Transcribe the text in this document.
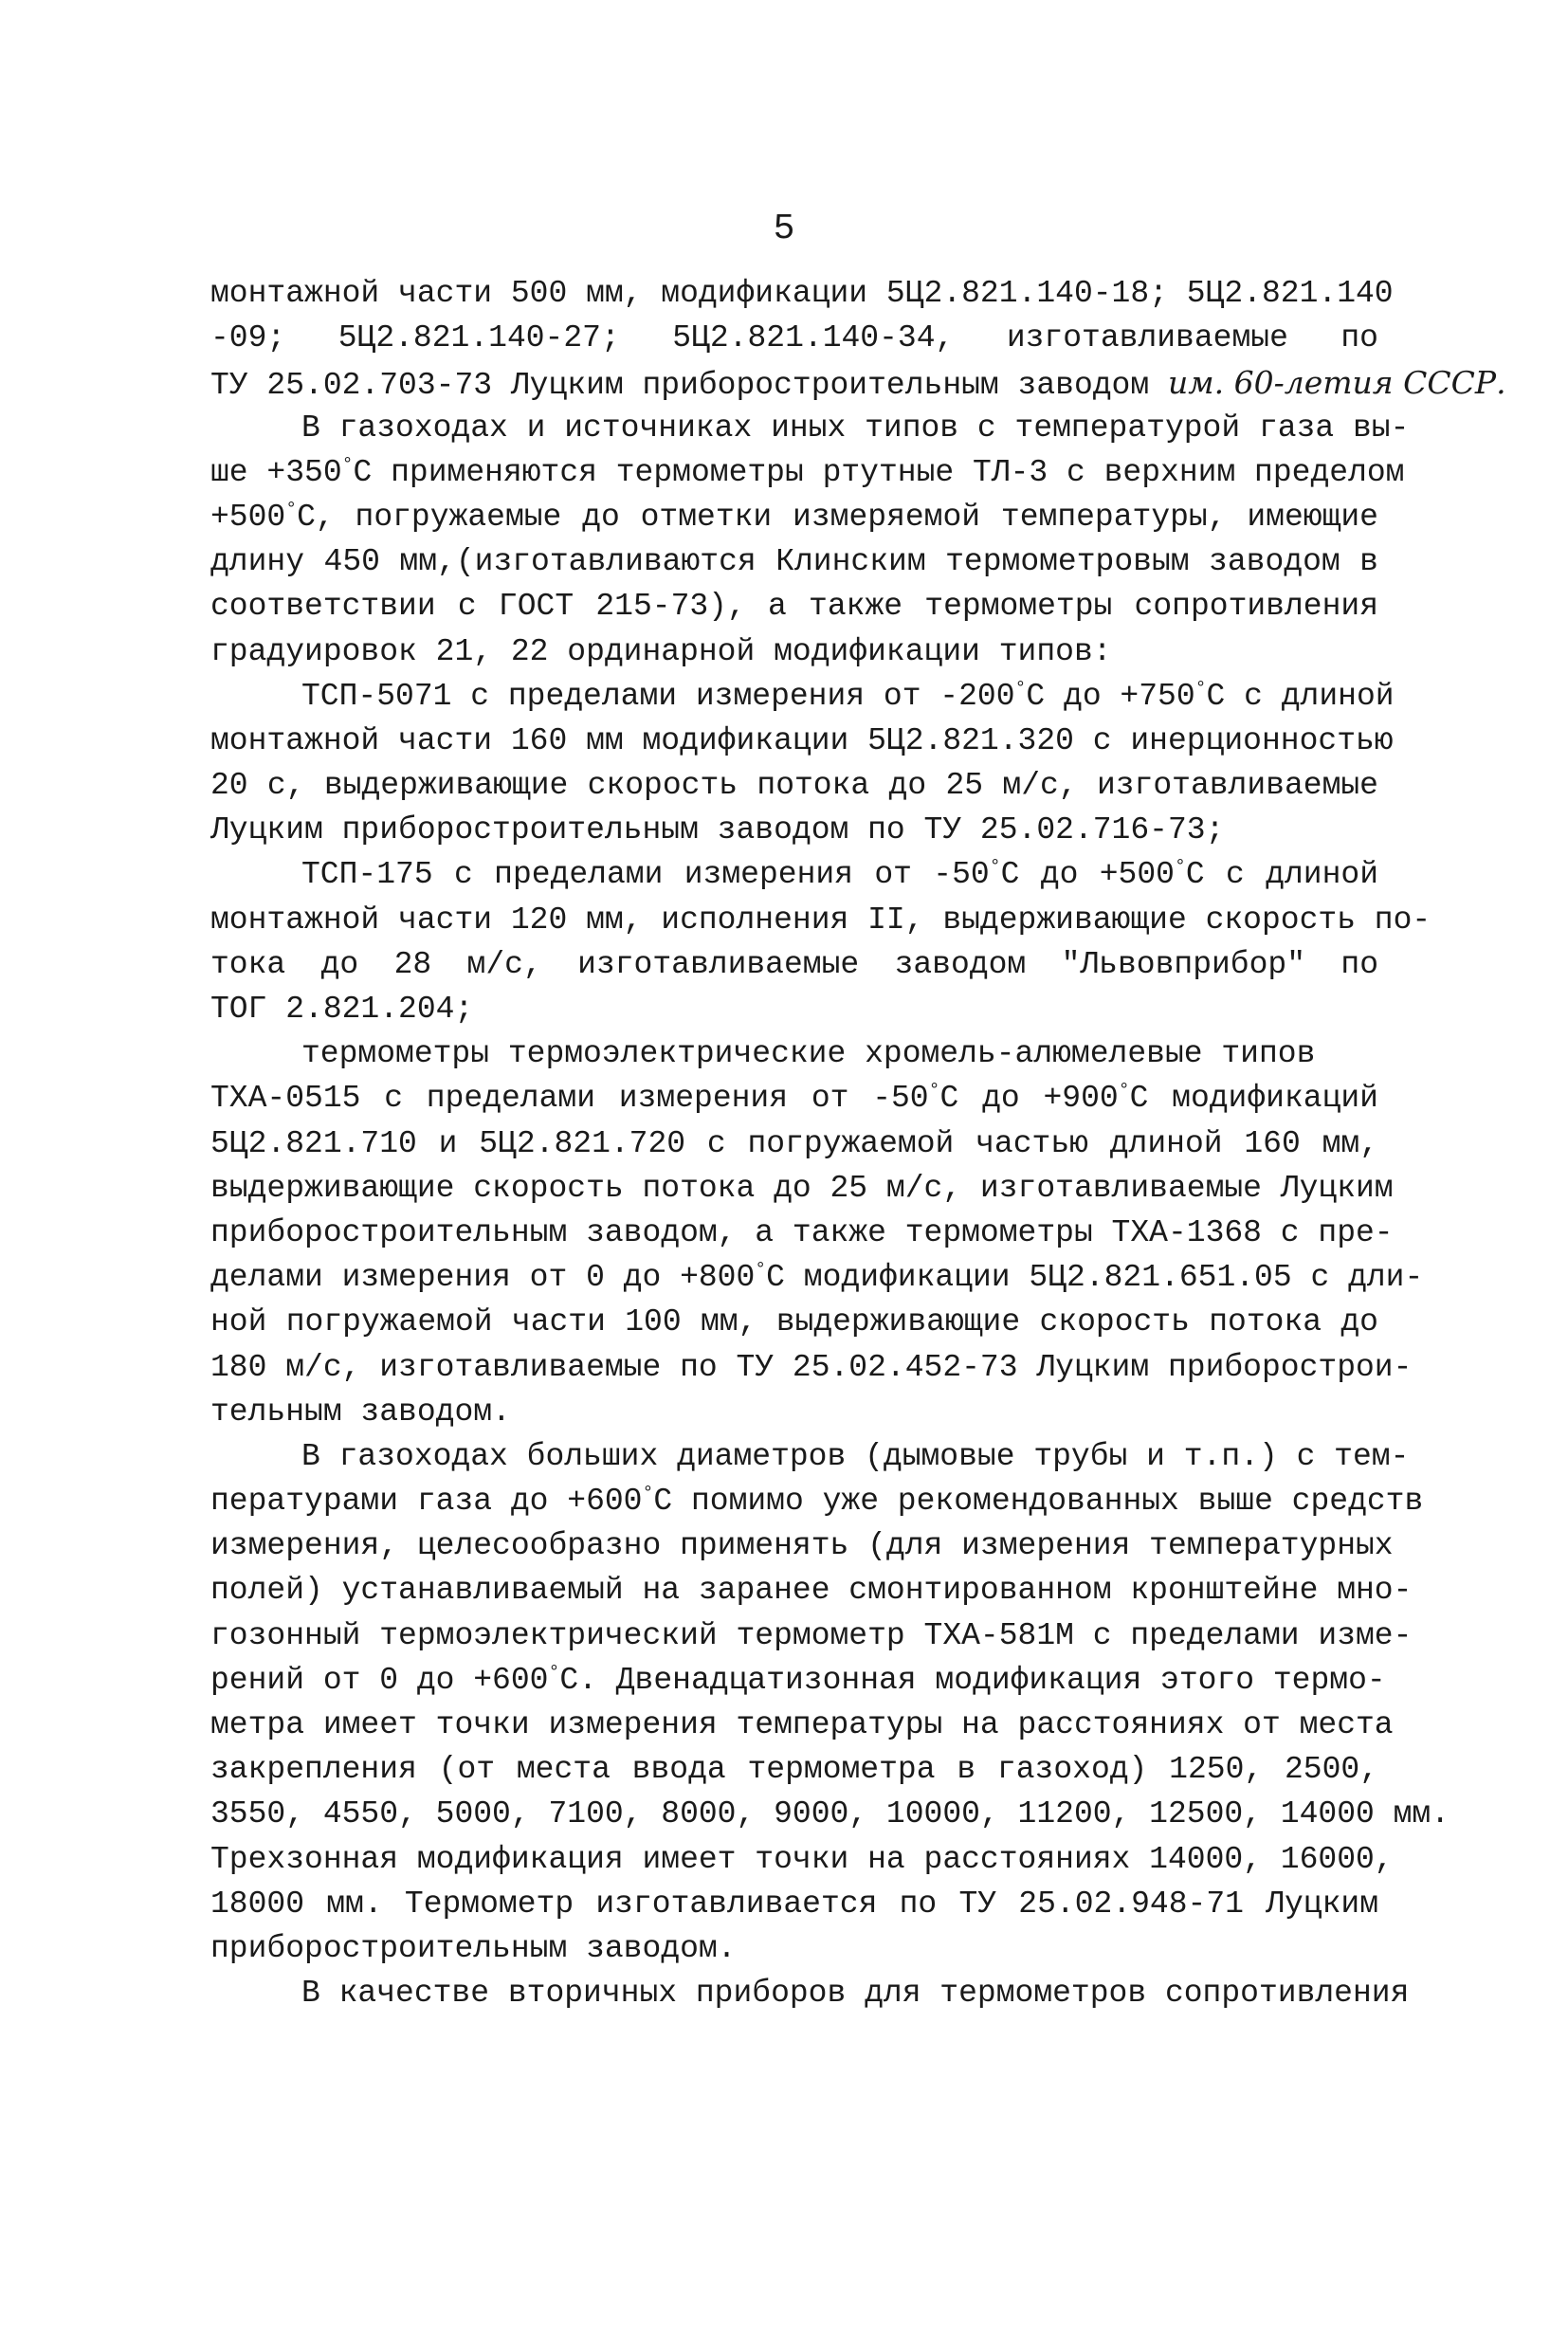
5
монтажной части 500 мм, модификации 5Ц2.821.140-18; 5Ц2.821.140
-09; 5Ц2.821.140-27; 5Ц2.821.140-34, изготавливаемые по
ТУ 25.02.703-73 Луцким приборостроительным заводом им. 60-летия СССР.
В газоходах и источниках иных типов с температурой газа вы-
ше +350°С применяются термометры ртутные ТЛ-3 с верхним пределом
+500°С, погружаемые до отметки измеряемой температуры, имеющие
длину 450 мм,(изготавливаются Клинским термометровым заводом в
соответствии с ГОСТ 215-73), а также термометры сопротивления
градуировок 21, 22 ординарной модификации типов:
ТСП-5071 с пределами измерения от -200°С до +750°С с длиной
монтажной части 160 мм модификации 5Ц2.821.320 с инерционностью
20 с, выдерживающие скорость потока до 25 м/с, изготавливаемые
Луцким приборостроительным заводом по ТУ 25.02.716-73;
ТСП-175 с пределами измерения от -50°С до +500°С с длиной
монтажной части 120 мм, исполнения II, выдерживающие скорость по-
тока до 28 м/с, изготавливаемые заводом "Львовприбор" по
ТОГ 2.821.204;
термометры термоэлектрические хромель-алюмелевые типов
ТХА-0515 с пределами измерения от -50°С до +900°С модификаций
5Ц2.821.710 и 5Ц2.821.720 с погружаемой частью длиной 160 мм,
выдерживающие скорость потока до 25 м/с, изготавливаемые Луцким
приборостроительным заводом, а также термометры ТХА-1368 с пре-
делами измерения от 0 до +800°С модификации 5Ц2.821.651.05 с дли-
ной погружаемой части 100 мм, выдерживающие скорость потока до
180 м/с, изготавливаемые по ТУ 25.02.452-73 Луцким приборострои-
тельным заводом.
В газоходах больших диаметров (дымовые трубы и т.п.) с тем-
пературами газа до +600°С помимо уже рекомендованных выше средств
измерения, целесообразно применять (для измерения температурных
полей) устанавливаемый на заранее смонтированном кронштейне мно-
гозонный термоэлектрический термометр ТХА-581М с пределами изме-
рений от 0 до +600°С. Двенадцатизонная модификация этого термо-
метра имеет точки измерения температуры на расстояниях от места
закрепления (от места ввода термометра в газоход) 1250, 2500,
3550, 4550, 5000, 7100, 8000, 9000, 10000, 11200, 12500, 14000 мм.
Трехзонная модификация имеет точки на расстояниях 14000, 16000,
18000 мм. Термометр изготавливается по ТУ 25.02.948-71 Луцким
приборостроительным заводом.
В качестве вторичных приборов для термометров сопротивления
